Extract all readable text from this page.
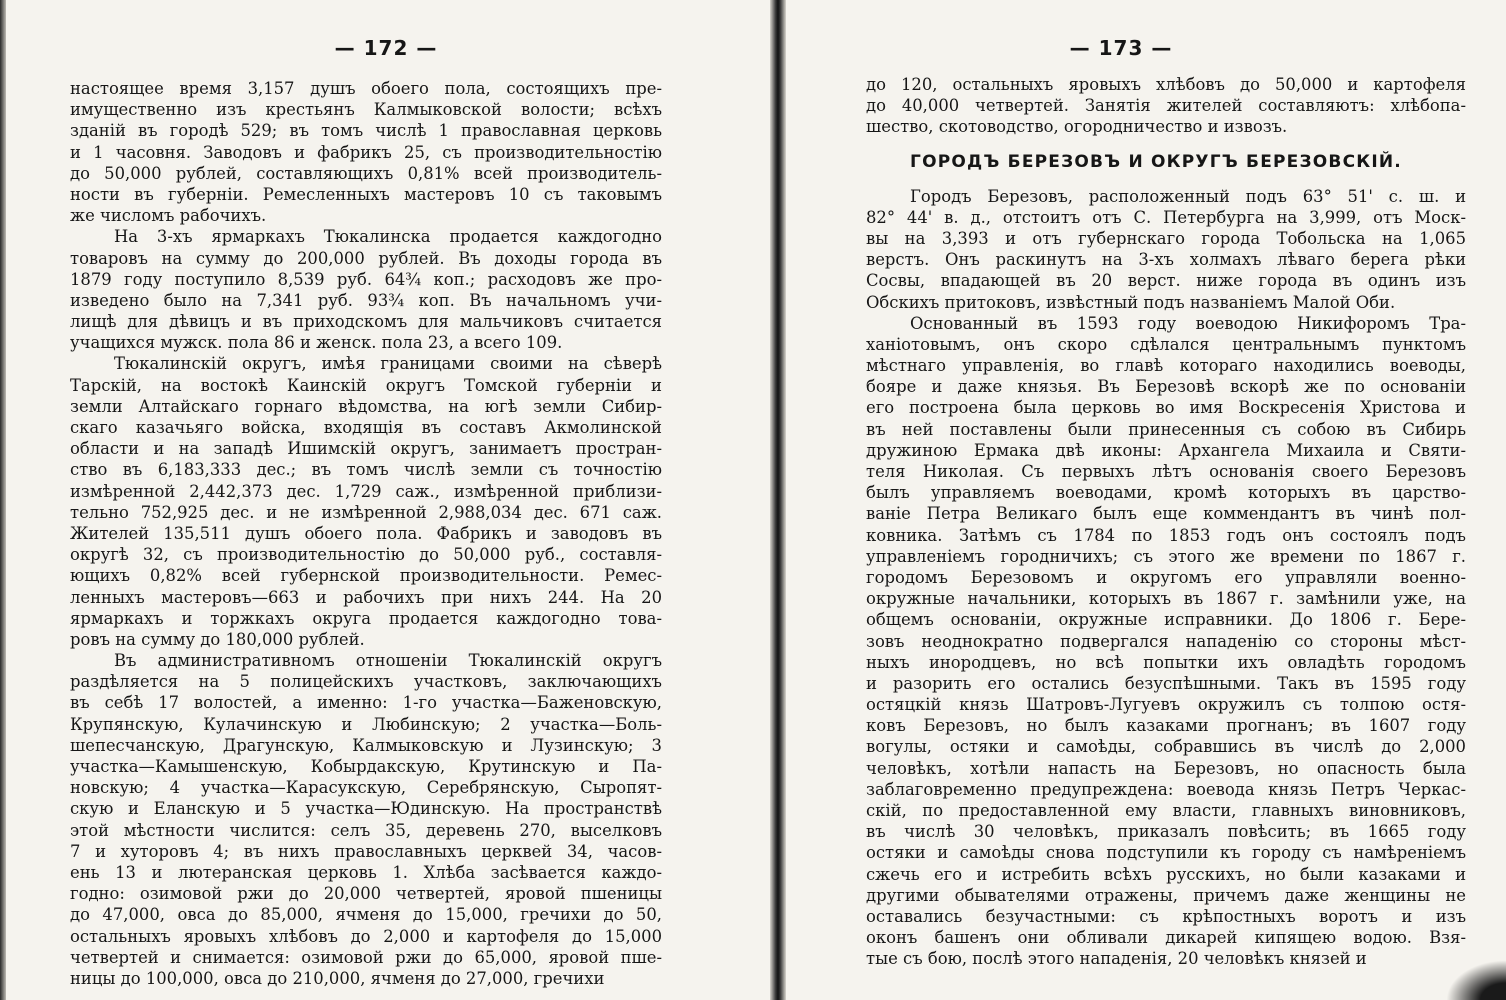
— 172 —
настоящее время 3,157 душъ обоего пола, состоящихъ пре-
имущественно изъ крестьянъ Калмыковской волости; всѣхъ
зданій въ городѣ 529; въ томъ числѣ 1 православная церковь
и 1 часовня. Заводовъ и фабрикъ 25, съ производительностію
до 50,000 рублей, составляющихъ 0,81% всей производитель-
ности въ губерніи. Ремесленныхъ мастеровъ 10 съ таковымъ
же числомъ рабочихъ.
На 3-хъ ярмаркахъ Тюкалинска продается каждогодно
товаровъ на сумму до 200,000 рублей. Въ доходы города въ
1879 году поступило 8,539 руб. 64¾ коп.; расходовъ же про-
изведено было на 7,341 руб. 93¾ коп. Въ начальномъ учи-
лищѣ для дѣвицъ и въ приходскомъ для мальчиковъ считается
учащихся мужск. пола 86 и женск. пола 23, а всего 109.
Тюкалинскій округъ, имѣя границами своими на сѣверѣ
Тарскій, на востокѣ Каинскій округъ Томской губерніи и
земли Алтайскаго горнаго вѣдомства, на югѣ земли Сибир-
скаго казачьяго войска, входящія въ составъ Акмолинской
области и на западѣ Ишимскій округъ, занимаетъ простран-
ство въ 6,183,333 дес.; въ томъ числѣ земли съ точностію
измѣренной 2,442,373 дес. 1,729 саж., измѣренной приблизи-
тельно 752,925 дес. и не измѣренной 2,988,034 дес. 671 саж.
Жителей 135,511 душъ обоего пола. Фабрикъ и заводовъ въ
округѣ 32, съ производительностію до 50,000 руб., составля-
ющихъ 0,82% всей губернской производительности. Ремес-
ленныхъ мастеровъ—663 и рабочихъ при нихъ 244. На 20
ярмаркахъ и торжкахъ округа продается каждогодно това-
ровъ на сумму до 180,000 рублей.
Въ административномъ отношеніи Тюкалинскій округъ
раздѣляется на 5 полицейскихъ участковъ, заключающихъ
въ себѣ 17 волостей, а именно: 1-го участка—Баженовскую,
Крупянскую, Кулачинскую и Любинскую; 2 участка—Боль-
шепесчанскую, Драгунскую, Калмыковскую и Лузинскую; 3
участка—Камышенскую, Кобырдакскую, Крутинскую и Па-
новскую; 4 участка—Карасукскую, Серебрянскую, Сыропят-
скую и Еланскую и 5 участка—Юдинскую. На пространствѣ
этой мѣстности числится: селъ 35, деревень 270, выселковъ
7 и хуторовъ 4; въ нихъ православныхъ церквей 34, часов-
ень 13 и лютеранская церковь 1. Хлѣба засѣвается каждо-
годно: озимовой ржи до 20,000 четвертей, яровой пшеницы
до 47,000, овса до 85,000, ячменя до 15,000, гречихи до 50,
остальныхъ яровыхъ хлѣбовъ до 2,000 и картофеля до 15,000
четвертей и снимается: озимовой ржи до 65,000, яровой пше-
ницы до 100,000, овса до 210,000, ячменя до 27,000, гречихи
— 173 —
до 120, остальныхъ яровыхъ хлѣбовъ до 50,000 и картофеля
до 40,000 четвертей. Занятія жителей составляютъ: хлѣбопа-
шество, скотоводство, огородничество и извозъ.
ГОРОДЪ БЕРЕЗОВЪ И ОКРУГЪ БЕРЕЗОВСКІЙ.
Городъ Березовъ, расположенный подъ 63° 51' с. ш. и
82° 44' в. д., отстоитъ отъ С. Петербурга на 3,999, отъ Моск-
вы на 3,393 и отъ губернскаго города Тобольска на 1,065
верстъ. Онъ раскинутъ на 3-хъ холмахъ лѣваго берега рѣки
Сосвы, впадающей въ 20 верст. ниже города въ одинъ изъ
Обскихъ притоковъ, извѣстный подъ названіемъ Малой Оби.
Основанный въ 1593 году воеводою Никифоромъ Тра-
ханіотовымъ, онъ скоро сдѣлался центральнымъ пунктомъ
мѣстнаго управленія, во главѣ котораго находились воеводы,
бояре и даже князья. Въ Березовѣ вскорѣ же по основаніи
его построена была церковь во имя Воскресенія Христова и
въ ней поставлены были принесенныя съ собою въ Сибирь
дружиною Ермака двѣ иконы: Архангела Михаила и Святи-
теля Николая. Съ первыхъ лѣтъ основанія своего Березовъ
былъ управляемъ воеводами, кромѣ которыхъ въ царство-
ваніе Петра Великаго былъ еще коммендантъ въ чинѣ пол-
ковника. Затѣмъ съ 1784 по 1853 годъ онъ состоялъ подъ
управленіемъ городничихъ; съ этого же времени по 1867 г.
городомъ Березовомъ и округомъ его управляли военно-
окружные начальники, которыхъ въ 1867 г. замѣнили уже, на
общемъ основаніи, окружные исправники. До 1806 г. Бере-
зовъ неоднократно подвергался нападенію со стороны мѣст-
ныхъ инородцевъ, но всѣ попытки ихъ овладѣть городомъ
и разорить его остались безуспѣшными. Такъ въ 1595 году
остяцкій князь Шатровъ-Лугуевъ окружилъ съ толпою остя-
ковъ Березовъ, но былъ казаками прогнанъ; въ 1607 году
вогулы, остяки и самоѣды, собравшись въ числѣ до 2,000
человѣкъ, хотѣли напасть на Березовъ, но опасность была
заблаговременно предупреждена: воевода князь Петръ Черкас-
скій, по предоставленной ему власти, главныхъ виновниковъ,
въ числѣ 30 человѣкъ, приказалъ повѣсить; въ 1665 году
остяки и самоѣды снова подступили къ городу съ намѣреніемъ
сжечь его и истребить всѣхъ русскихъ, но были казаками и
другими обывателями отражены, причемъ даже женщины не
оставались безучастными: съ крѣпостныхъ воротъ и изъ
оконъ башенъ они обливали дикарей кипящею водою. Взя-
тые съ бою, послѣ этого нападенія, 20 человѣкъ князей и
